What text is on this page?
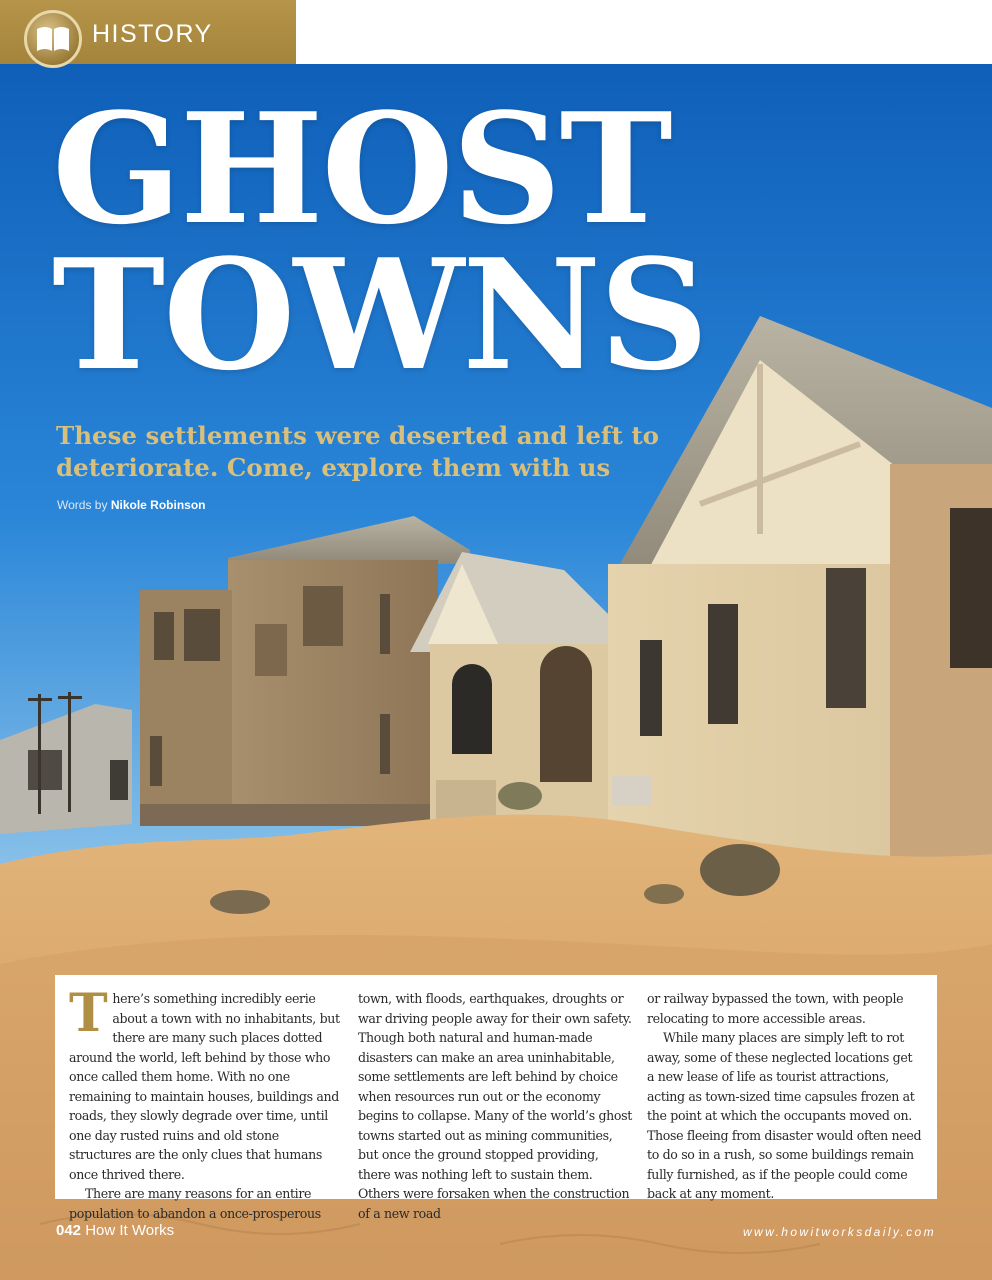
HISTORY
GHOST
TOWNS

These settlements were deserted and left to deteriorate. Come, explore them with us

Words by Nikole Robinson

There’s something incredibly eerie about a town with no inhabitants, but there are many such places dotted around the world, left behind by those who once called them home. With no one remaining to maintain houses, buildings and roads, they slowly degrade over time, until one day rusted ruins and old stone structures are the only clues that humans once thrived there.

There are many reasons for an entire population to abandon a once-prosperous

town, with floods, earthquakes, droughts or war driving people away for their own safety. Though both natural and human-made disasters can make an area uninhabitable, some settlements are left behind by choice when resources run out or the economy begins to collapse. Many of the world’s ghost towns started out as mining communities, but once the ground stopped providing, there was nothing left to sustain them. Others were forsaken when the construction of a new road

or railway bypassed the town, with people relocating to more accessible areas.

While many places are simply left to rot away, some of these neglected locations get a new lease of life as tourist attractions, acting as town-sized time capsules frozen at the point at which the occupants moved on. Those fleeing from disaster would often need to do so in a rush, so some buildings remain fully furnished, as if the people could come back at any moment.

042 How It Works	www.howitworksdaily.com
